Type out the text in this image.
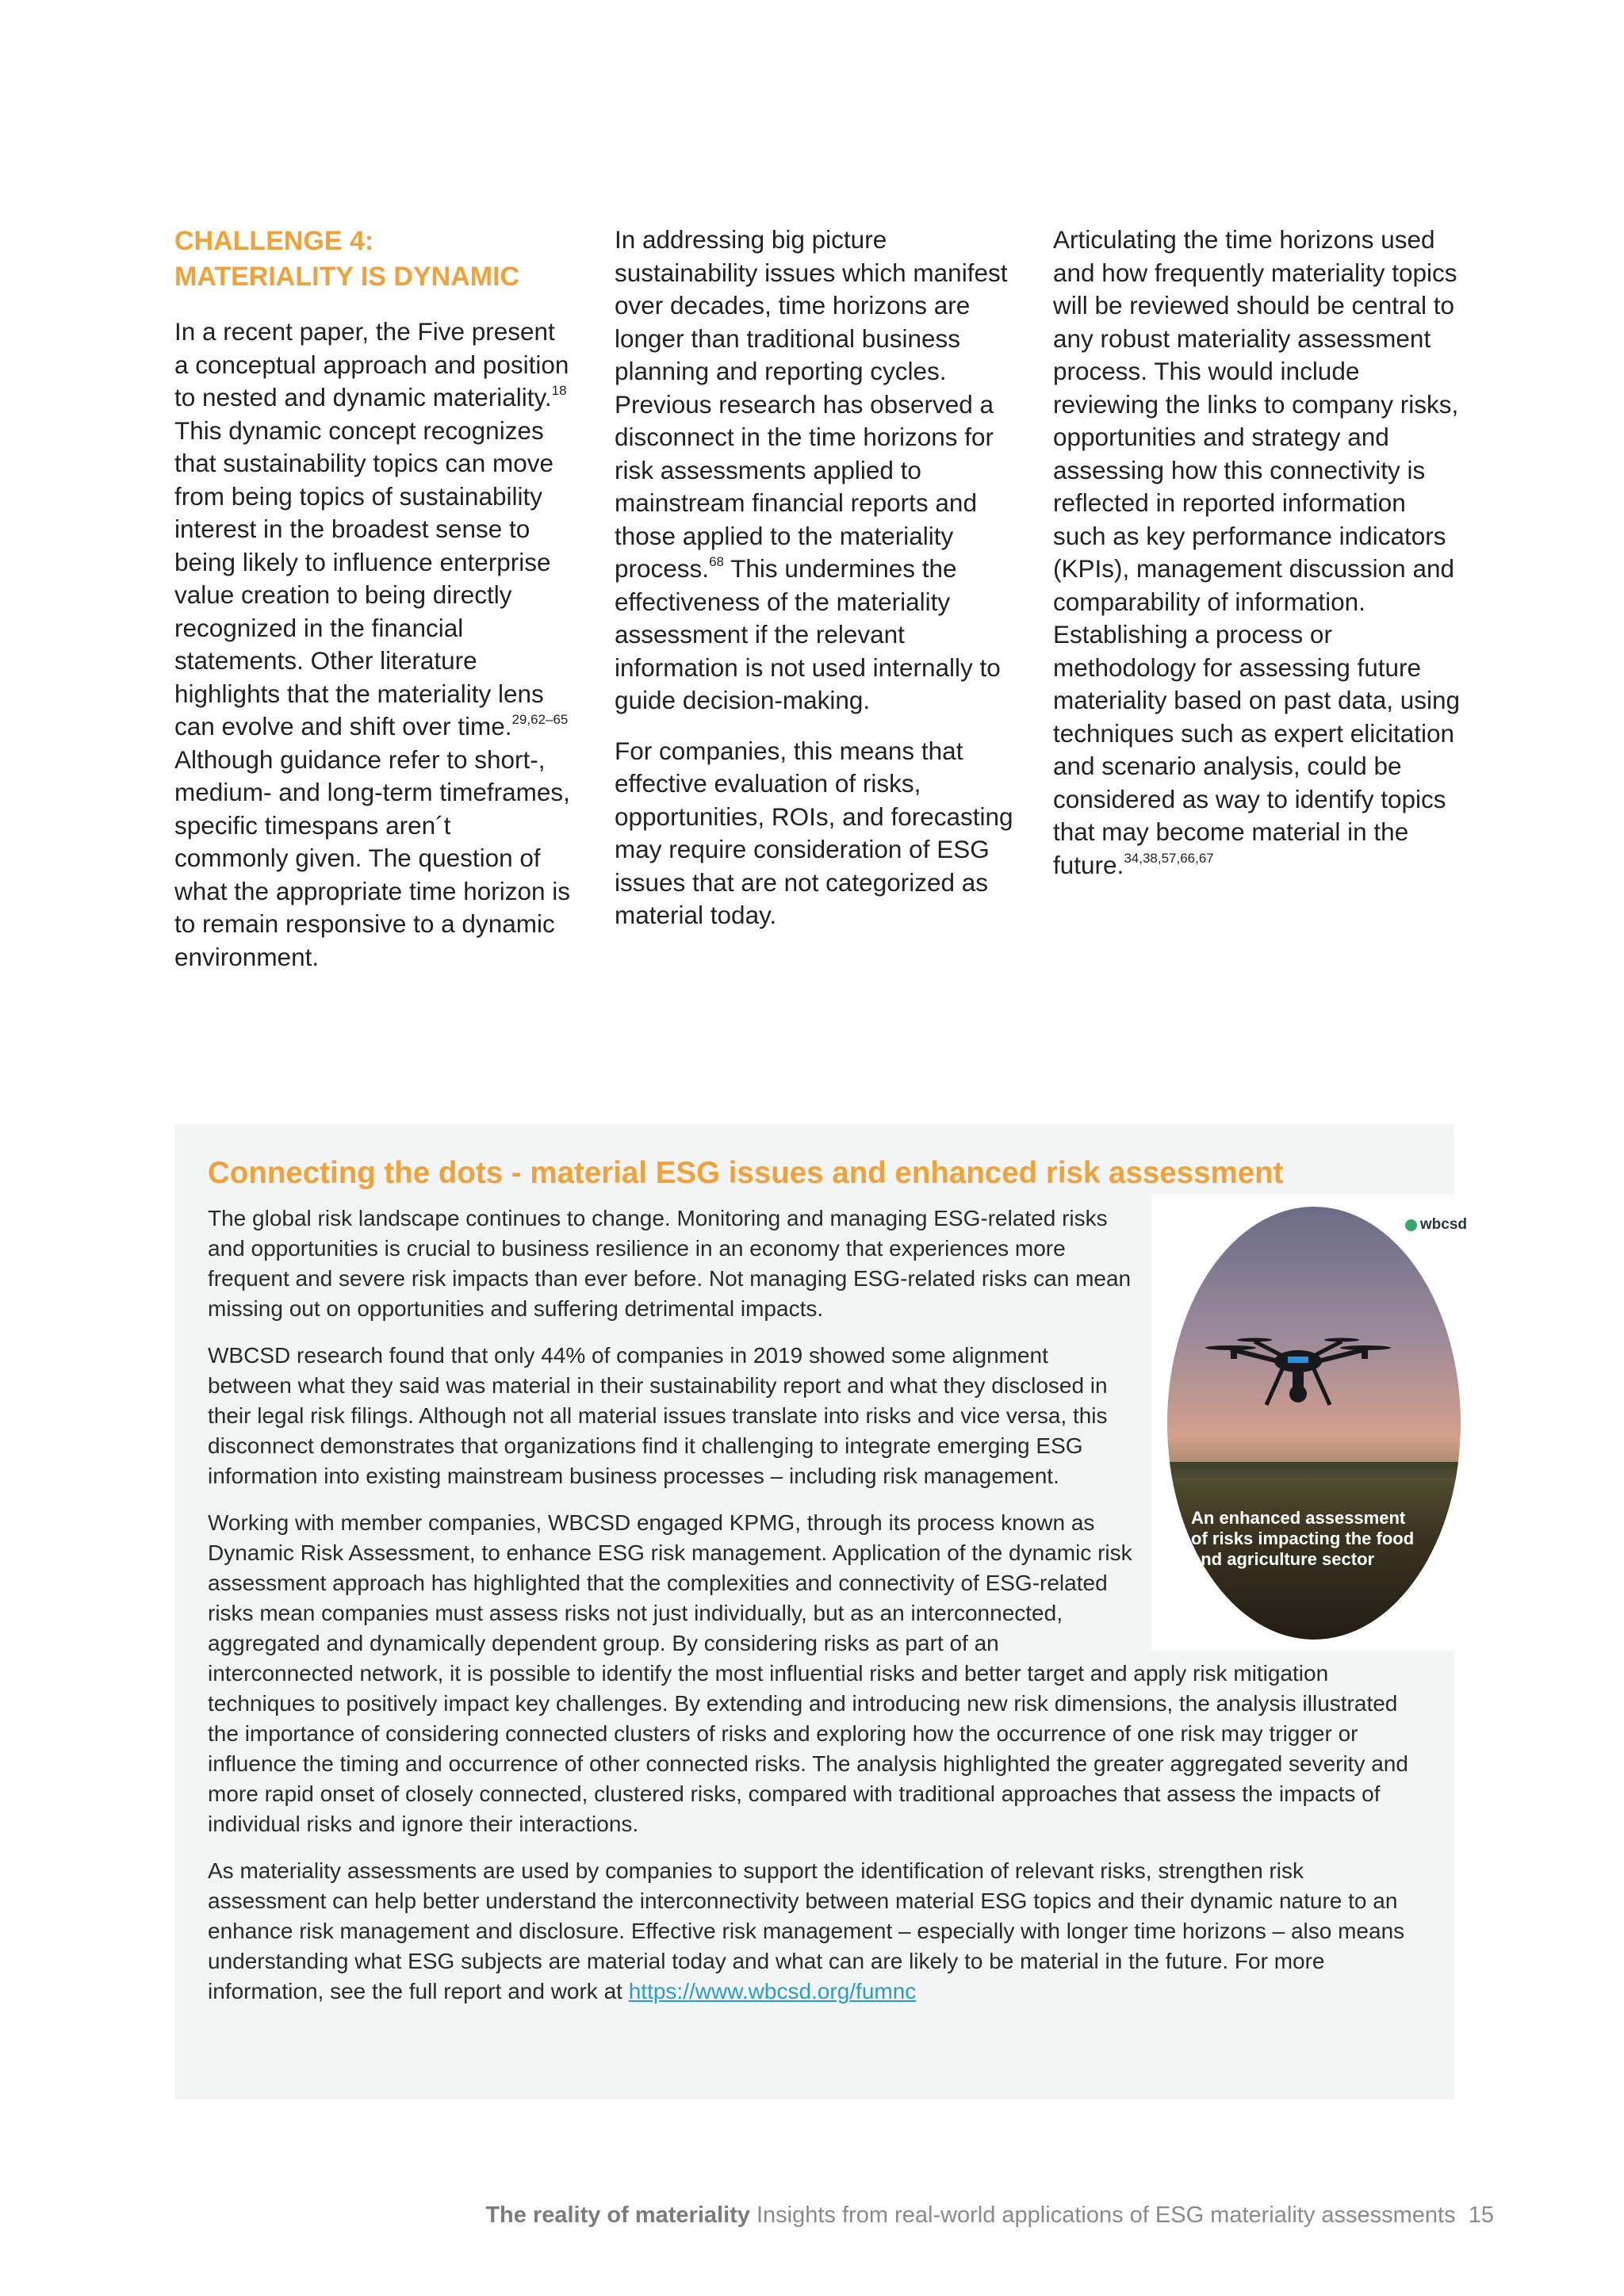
CHALLENGE 4:
MATERIALITY IS DYNAMIC

In a recent paper, the Five present a conceptual approach and position to nested and dynamic materiality.$^{18}$ This dynamic concept recognizes that sustainability topics can move from being topics of sustainability interest in the broadest sense to being likely to influence enterprise value creation to being directly recognized in the financial statements. Other literature highlights that the materiality lens can evolve and shift over time.$^{29,62-65}$ Although guidance refer to short-, medium- and long-term timeframes, specific timespans aren´t commonly given. The question of what the appropriate time horizon is to remain responsive to a dynamic environment.

In addressing big picture sustainability issues which manifest over decades, time horizons are longer than traditional business planning and reporting cycles. Previous research has observed a disconnect in the time horizons for risk assessments applied to mainstream financial reports and those applied to the materiality process.$^{68}$ This undermines the effectiveness of the materiality assessment if the relevant information is not used internally to guide decision-making.

For companies, this means that effective evaluation of risks, opportunities, ROIs, and forecasting may require consideration of ESG issues that are not categorized as material today.

Articulating the time horizons used and how frequently materiality topics will be reviewed should be central to any robust materiality assessment process. This would include reviewing the links to company risks, opportunities and strategy and assessing how this connectivity is reflected in reported information such as key performance indicators (KPIs), management discussion and comparability of information. Establishing a process or methodology for assessing future materiality based on past data, using techniques such as expert elicitation and scenario analysis, could be considered as way to identify topics that may become material in the future.$^{34,38,57,66,67}$

Connecting the dots - material ESG issues and enhanced risk assessment
An enhanced assessment of risks impacting the food and agriculture sector
wbcsd

The global risk landscape continues to change. Monitoring and managing ESG-related risks and opportunities is crucial to business resilience in an economy that experiences more frequent and severe risk impacts than ever before. Not managing ESG-related risks can mean missing out on opportunities and suffering detrimental impacts.

WBCSD research found that only 44% of companies in 2019 showed some alignment between what they said was material in their sustainability report and what they disclosed in their legal risk filings. Although not all material issues translate into risks and vice versa, this disconnect demonstrates that organizations find it challenging to integrate emerging ESG information into existing mainstream business processes – including risk management.

Working with member companies, WBCSD engaged KPMG, through its process known as Dynamic Risk Assessment, to enhance ESG risk management. Application of the dynamic risk assessment approach has highlighted that the complexities and connectivity of ESG-related risks mean companies must assess risks not just individually, but as an interconnected, aggregated and dynamically dependent group. By considering risks as part of an interconnected network, it is possible to identify the most influential risks and better target and apply risk mitigation techniques to positively impact key challenges. By extending and introducing new risk dimensions, the analysis illustrated the importance of considering connected clusters of risks and exploring how the occurrence of one risk may trigger or influence the timing and occurrence of other connected risks. The analysis highlighted the greater aggregated severity and more rapid onset of closely connected, clustered risks, compared with traditional approaches that assess the impacts of individual risks and ignore their interactions.

As materiality assessments are used by companies to support the identification of relevant risks, strengthen risk assessment can help better understand the interconnectivity between material ESG topics and their dynamic nature to an enhance risk management and disclosure. Effective risk management – especially with longer time horizons – also means understanding what ESG subjects are material today and what can are likely to be material in the future. For more information, see the full report and work at https://www.wbcsd.org/fumnc

The reality of materiality Insights from real-world applications of ESG materiality assessments 15
